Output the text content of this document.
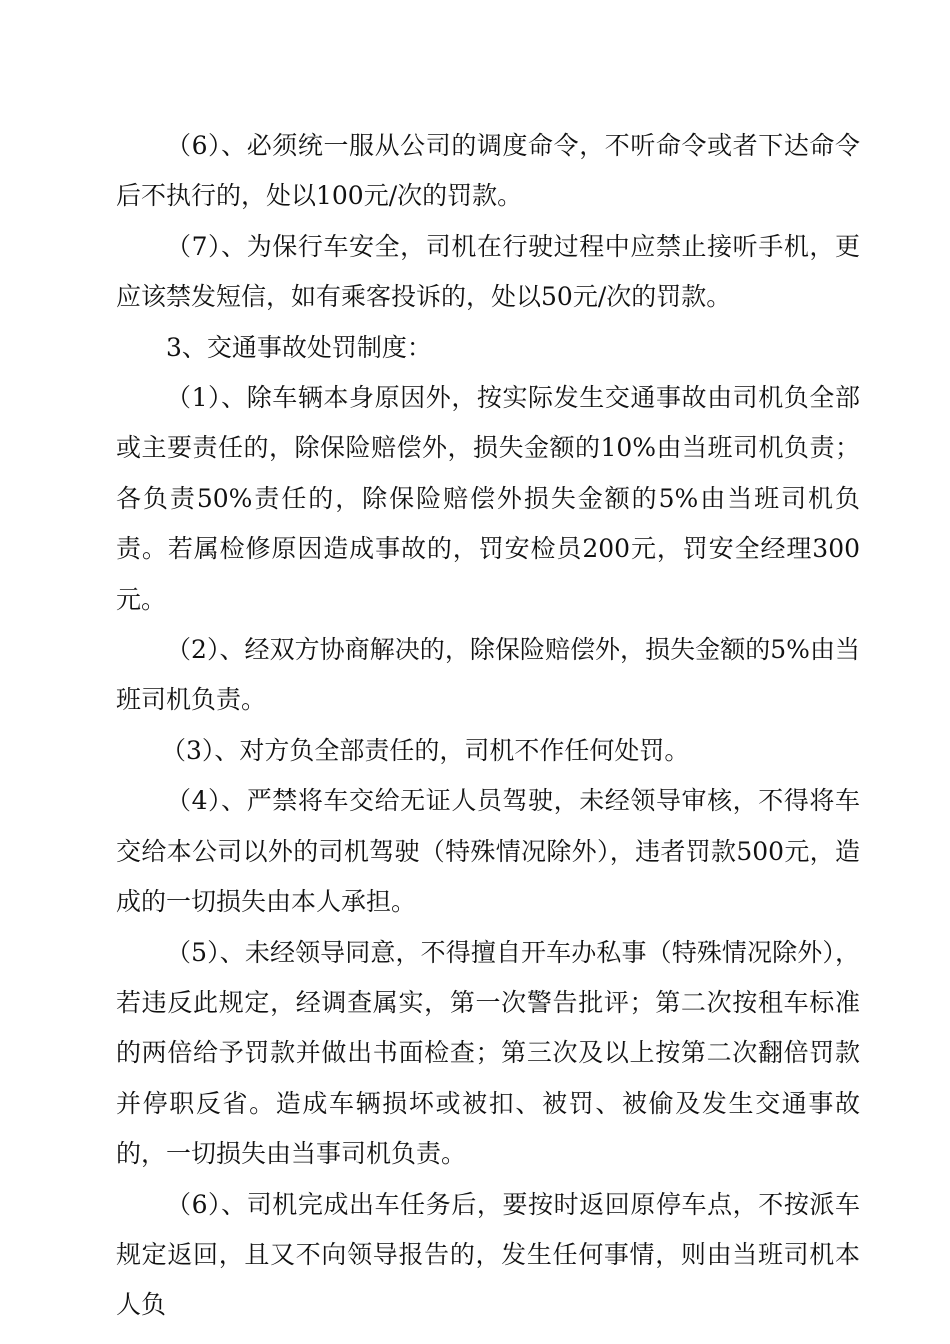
（6）、必须统一服从公司的调度命令，不听命令或者下达命令后不执行的，处以100元/次的罚款。

（7）、为保行车安全，司机在行驶过程中应禁止接听手机，更应该禁发短信，如有乘客投诉的，处以50元/次的罚款。

3、交通事故处罚制度：

（1）、除车辆本身原因外，按实际发生交通事故由司机负全部或主要责任的，除保险赔偿外，损失金额的10%由当班司机负责；各负责50%责任的，除保险赔偿外损失金额的5%由当班司机负责。若属检修原因造成事故的，罚安检员200元，罚安全经理300元。

（2）、经双方协商解决的，除保险赔偿外，损失金额的5%由当班司机负责。

（3）、对方负全部责任的，司机不作任何处罚。

（4）、严禁将车交给无证人员驾驶，未经领导审核，不得将车交给本公司以外的司机驾驶（特殊情况除外），违者罚款500元，造成的一切损失由本人承担。

（5）、未经领导同意，不得擅自开车办私事（特殊情况除外），若违反此规定，经调查属实，第一次警告批评；第二次按租车标准的两倍给予罚款并做出书面检查；第三次及以上按第二次翻倍罚款并停职反省。造成车辆损坏或被扣、被罚、被偷及发生交通事故的，一切损失由当事司机负责。

（6）、司机完成出车任务后，要按时返回原停车点，不按派车规定返回，且又不向领导报告的，发生任何事情，则由当班司机本人负
